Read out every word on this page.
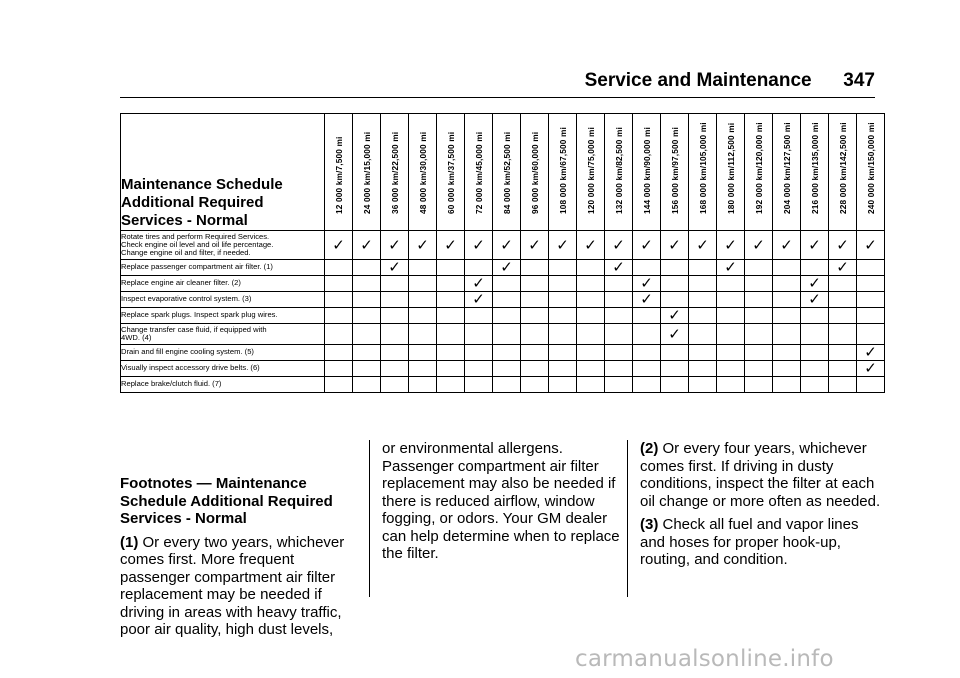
Service and Maintenance      347
Maintenance Schedule
Additional Required
Services - Normal	12 000 km/7,500 mi	24 000 km/15,000 mi	36 000 km/22,500 mi	48 000 km/30,000 mi	60 000 km/37,500 mi	72 000 km/45,000 mi	84 000 km/52,500 mi	96 000 km/60,000 mi	108 000 km/67,500 mi	120 000 km/75,000 mi	132 000 km/82,500 mi	144 000 km/90,000 mi	156 000 km/97,500 mi	168 000 km/105,000 mi	180 000 km/112,500 mi	192 000 km/120,000 mi	204 000 km/127,500 mi	216 000 km/135,000 mi	228 000 km/142,500 mi	240 000 km/150,000 mi

Rotate tires and perform Required Services.
Check engine oil level and oil life percentage.
Change engine oil and filter, if needed.	✓	✓	✓	✓	✓	✓	✓	✓	✓	✓	✓	✓	✓	✓	✓	✓	✓	✓	✓	✓
Replace passenger compartment air filter. (1)			✓				✓				✓				✓				✓	
Replace engine air cleaner filter. (2)						✓						✓						✓		
Inspect evaporative control system. (3)						✓						✓						✓		
Replace spark plugs. Inspect spark plug wires.													✓							
Change transfer case fluid, if equipped with
4WD. (4)													✓							
Drain and fill engine cooling system. (5)																				✓
Visually inspect accessory drive belts. (6)																				✓
Replace brake/clutch fluid. (7)																				

Footnotes — Maintenance
Schedule Additional Required
Services - Normal
(1) Or every two years, whichever
comes first. More frequent
passenger compartment air filter
replacement may be needed if
driving in areas with heavy traffic,
poor air quality, high dust levels,

or environmental allergens.
Passenger compartment air filter
replacement may also be needed if
there is reduced airflow, window
fogging, or odors. Your GM dealer
can help determine when to replace
the filter.
(2) Or every four years, whichever
comes first. If driving in dusty
conditions, inspect the filter at each
oil change or more often as needed.
(3) Check all fuel and vapor lines
and hoses for proper hook-up,
routing, and condition.
carmanualsonline.info
